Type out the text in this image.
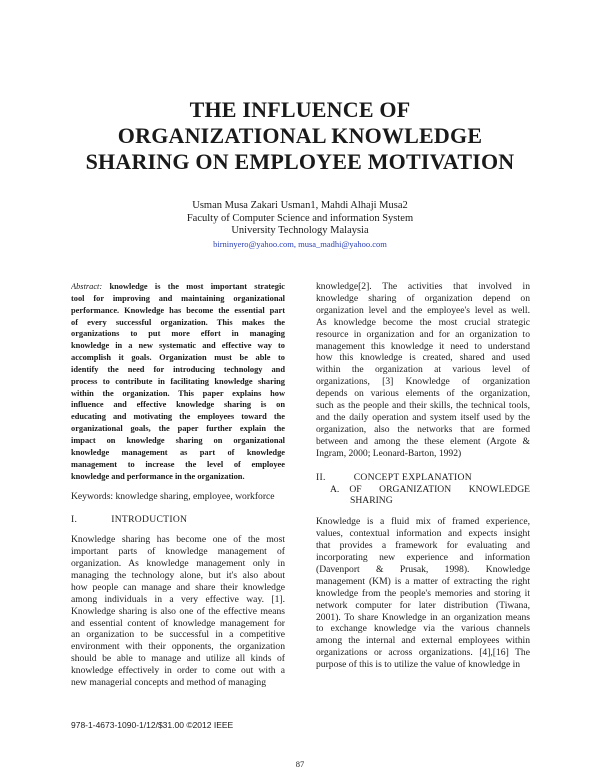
THE INFLUENCE OF
ORGANIZATIONAL KNOWLEDGE
SHARING ON EMPLOYEE MOTIVATION
Usman Musa Zakari Usman1, Mahdi Alhaji Musa2
Faculty of Computer Science and information System
University Technology Malaysia
birninyero@yahoo.com, musa_madhi@yahoo.com

Abstract: knowledge is the most important strategic
tool for improving and maintaining organizational
performance. Knowledge has become the essential part
of every successful organization. This makes the
organizations to put more effort in managing
knowledge in a new systematic and effective way to
accomplish it goals. Organization must be able to
identify the need for introducing technology and
process to contribute in facilitating knowledge sharing
within the organization. This paper explains how
influence and effective knowledge sharing is on
educating and motivating the employees toward the
organizational goals, the paper further explain the
impact on knowledge sharing on organizational
knowledge management as part of knowledge
management to increase the level of employee
knowledge and performance in the organization.

Keywords: knowledge sharing, employee, workforce

I.	INTRODUCTION

Knowledge sharing has become one of the most
important parts of knowledge management of
organization. As knowledge management only in
managing the technology alone, but it's also about
how people can manage and share their knowledge
among individuals in a very effective way. [1].
Knowledge sharing is also one of the effective means
and essential content of knowledge management for
an organization to be successful in a competitive
environment with their opponents, the organization
should be able to manage and utilize all kinds of
knowledge effectively in order to come out with a
new managerial concepts and method of managing

knowledge[2]. The activities that involved in
knowledge sharing of organization depend on
organization level and the employee's level as well.
As knowledge become the most crucial strategic
resource in organization and for an organization to
management this knowledge it need to understand
how this knowledge is created, shared and used
within the organization at various level of
organizations, [3] Knowledge of organization
depends on various elements of the organization,
such as the people and their skills, the technical tools,
and the daily operation and system itself used by the
organization, also the networks that are formed
between and among the these element (Argote &
Ingram, 2000; Leonard-Barton, 1992)

II.	CONCEPT EXPLANATION

A. OF ORGANIZATION KNOWLEDGE
SHARING

Knowledge is a fluid mix of framed experience,
values, contextual information and expects insight
that provides a framework for evaluating and
incorporating new experience and information
(Davenport & Prusak, 1998). Knowledge
management (KM) is a matter of extracting the right
knowledge from the people's memories and storing it
network computer for later distribution (Tiwana,
2001). To share Knowledge in an organization means
to exchange knowledge via the various channels
among the internal and external employees within
organizations or across organizations. [4],[16] The
purpose of this is to utilize the value of knowledge in

978-1-4673-1090-1/12/$31.00 ©2012 IEEE
87
